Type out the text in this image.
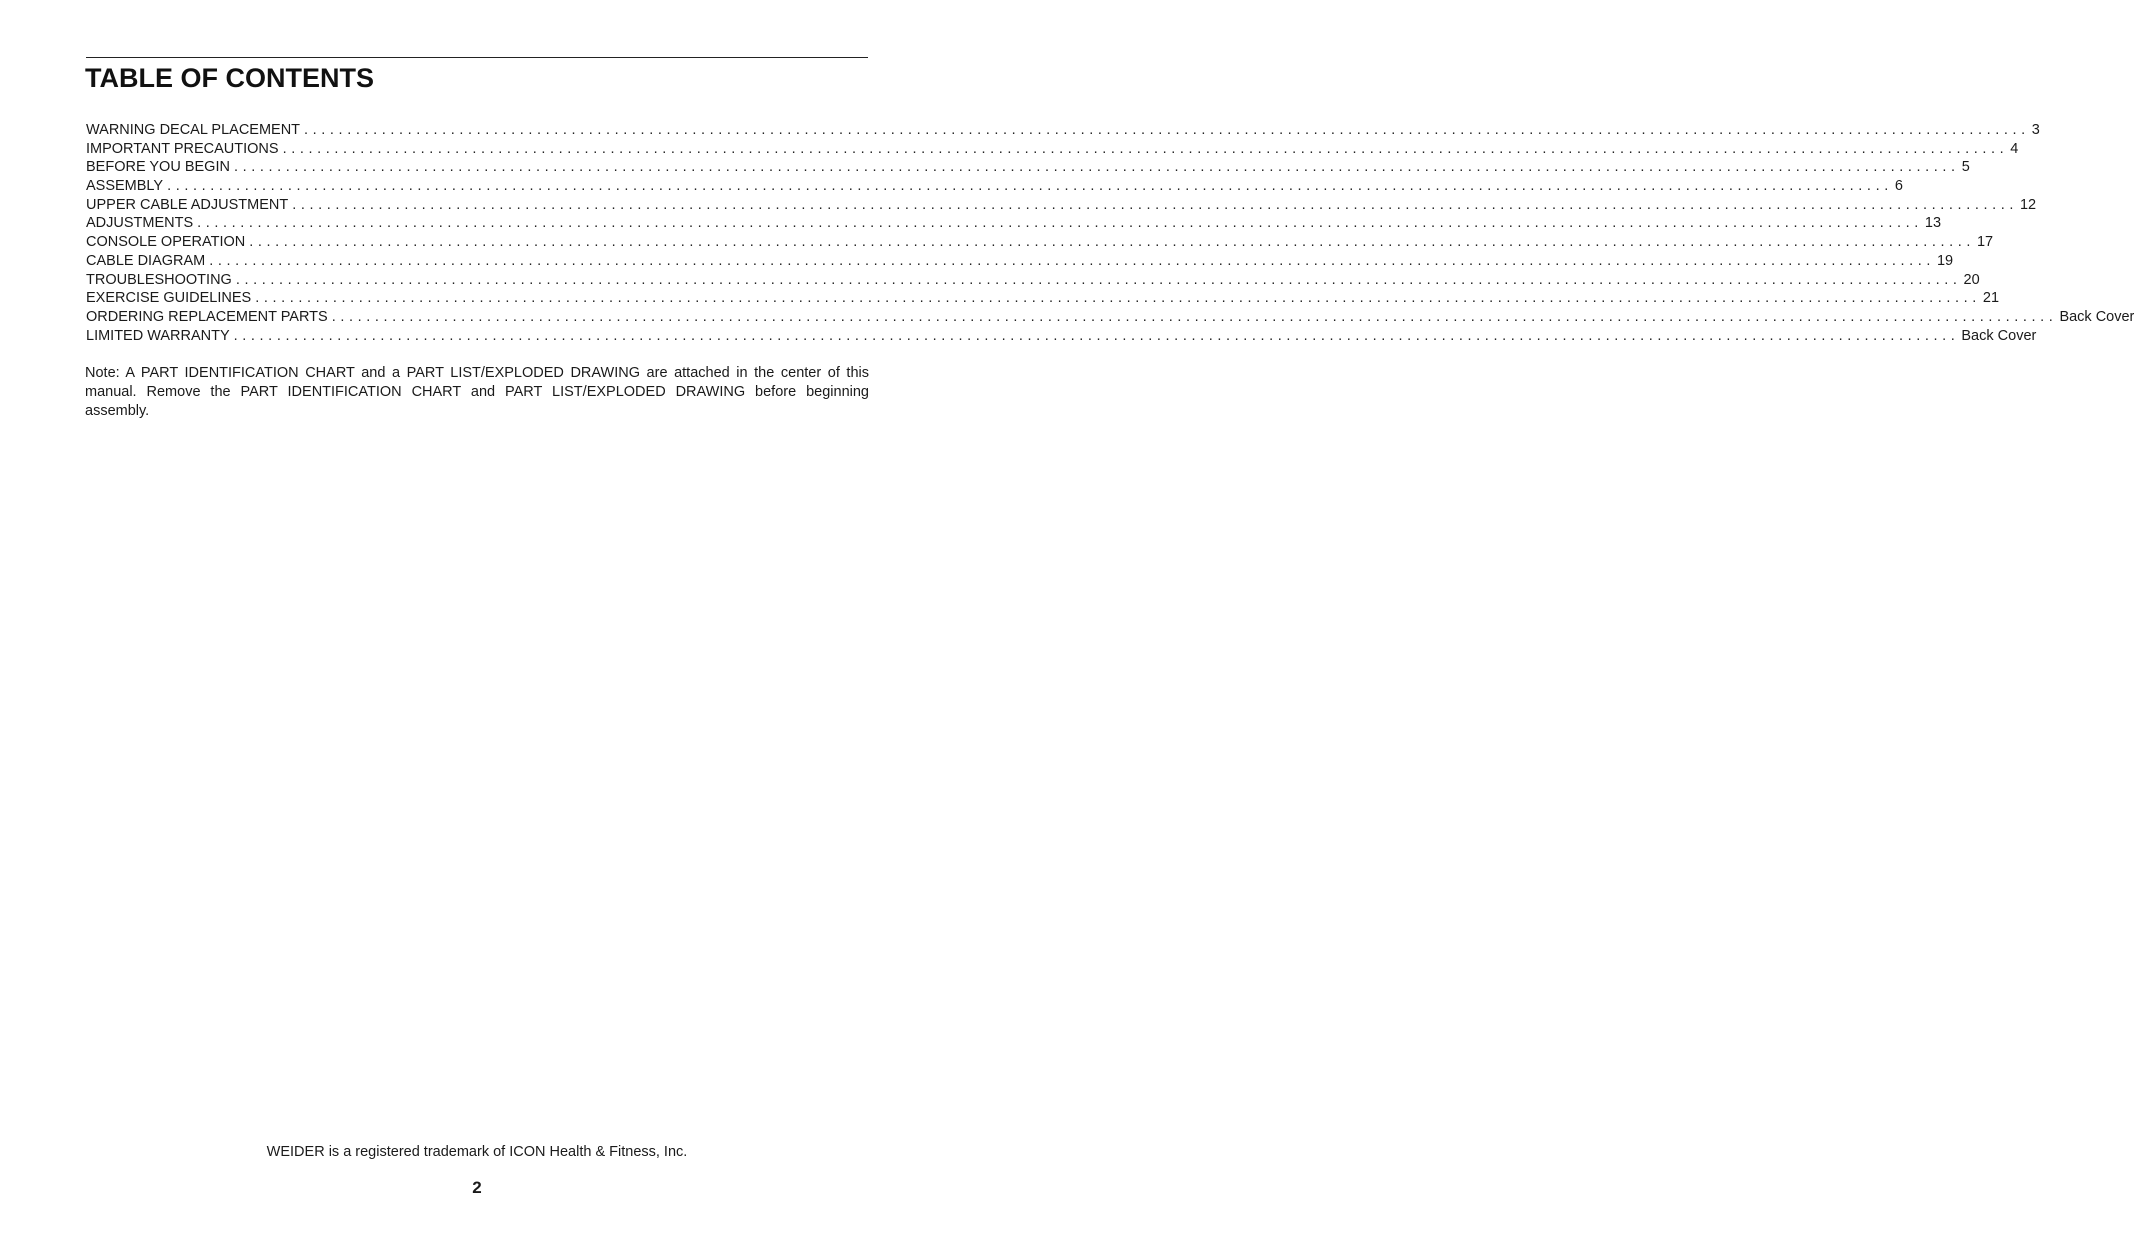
TABLE OF CONTENTS
WARNING DECAL PLACEMENT ........................................................................................................................................................................................................ 3
IMPORTANT PRECAUTIONS ........................................................................................................................................................................................................ 4
BEFORE YOU BEGIN ........................................................................................................................................................................................................ 5
ASSEMBLY ........................................................................................................................................................................................................ 6
UPPER CABLE ADJUSTMENT ........................................................................................................................................................................................................ 12
ADJUSTMENTS ........................................................................................................................................................................................................ 13
CONSOLE OPERATION ........................................................................................................................................................................................................ 17
CABLE DIAGRAM ........................................................................................................................................................................................................ 19
TROUBLESHOOTING ........................................................................................................................................................................................................ 20
EXERCISE GUIDELINES ........................................................................................................................................................................................................ 21
ORDERING REPLACEMENT PARTS ........................................................................................................................................................................................................ Back Cover
LIMITED WARRANTY ........................................................................................................................................................................................................ Back Cover

Note: A PART IDENTIFICATION CHART and a PART LIST/EXPLODED DRAWING are attached in the center of this manual. Remove the PART IDENTIFICATION CHART and PART LIST/EXPLODED DRAWING before beginning assembly.

WEIDER is a registered trademark of ICON Health & Fitness, Inc.

2
